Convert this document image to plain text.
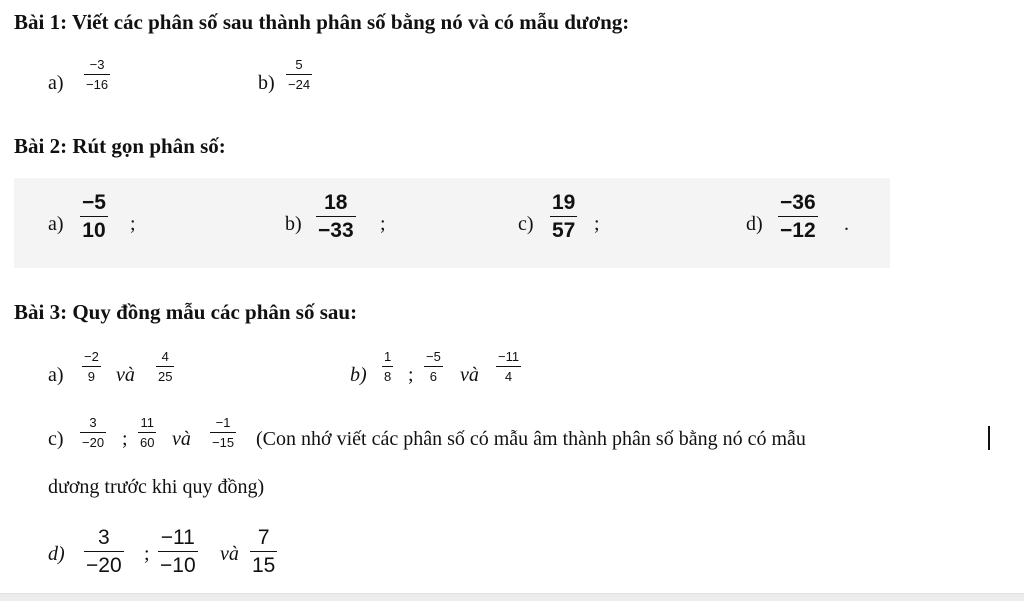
Bài 1: Viết các phân số sau thành phân số bằng nó và có mẫu dương:
a)
−3
−16	b)
5
−24
Bài 2: Rút gọn phân số:
a)
−5
10 ;	b)
18
−33 ;	c)
19
57 ;	d)
−36
−12 .
Bài 3: Quy đồng mẫu các phân số sau:
a)
−2
9 và
4
25	b)
1
8 ;
−5
6 và
−11
4
c)
3
−20 ;
11
60 và
−1
−15 (Con nhớ viết các phân số có mẫu âm thành phân số bằng nó có mẫu
dương trước khi quy đồng)
d)
3
−20 ;
−11
−10 và
7
15
